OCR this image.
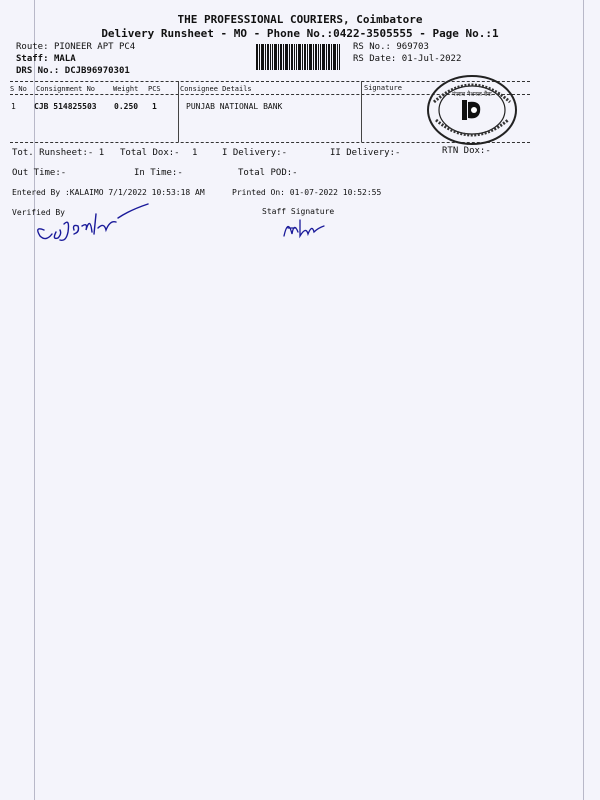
THE PROFESSIONAL COURIERS, Coimbatore
Delivery Runsheet - MO - Phone No.:0422-3505555 - Page No.:1
Route: PIONEER APT PC4
Staff: MALA
DRS No.: DCJB96970301
RS No.: 969703
RS Date: 01-Jul-2022
S No Consignment No	Weight PCS	Consignee Details	Signature
1 CJB 514825503 0.250 1	PUNJAB NATIONAL BANK
पंजाब नैशनल बैंक
Tot. Runsheet:- 1 Total Dox:- 1	I Delivery:-	II Delivery:-	RTN Dox:-
Out Time:-	In Time:-	Total POD:-
Entered By :KALAIMO 7/1/2022 10:53:18 AM	Printed On: 01-07-2022 10:52:55
Verified By	Staff Signature
